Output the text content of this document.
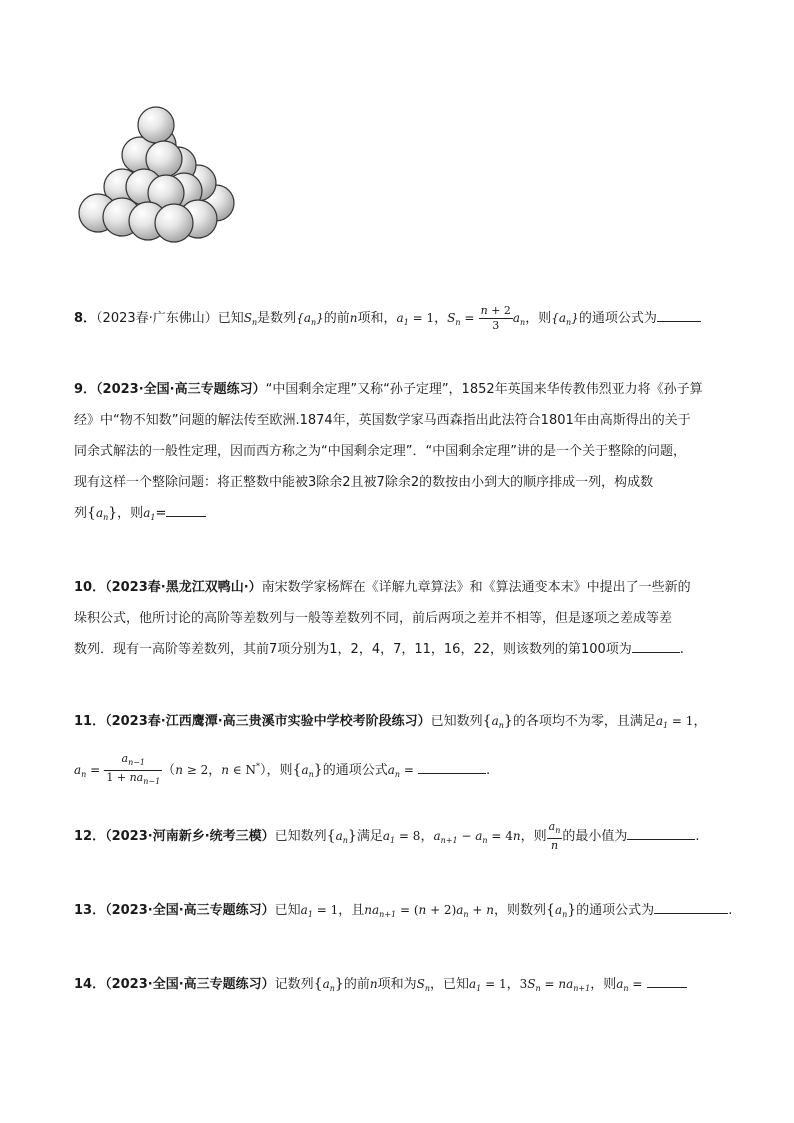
8．（2023春·广东佛山）已知$S_n$是数列$\{a_n\}$的前n项和，$a_1 = 1$，$S_n = \frac{n + 2}{3} a_n$，则$\{a_n\}$的通项公式为
9．（2023·全国·高三专题练习）“中国剩余定理”又称“孙子定理”，1852年英国来华传教伟烈亚力将《孙子算
经》中“物不知数”问题的解法传至欧洲.1874年，英国数学家马西森指出此法符合1801年由高斯得出的关于
同余式解法的一般性定理，因而西方称之为“中国剩余定理”．“中国剩余定理”讲的是一个关于整除的问题，
现有这样一个整除问题：将正整数中能被3除余2且被7除余2的数按由小到大的顺序排成一列，构成数
列$\{a_n\}$，则$a_1=$
10．（2023春·黑龙江双鸭山·）南宋数学家杨辉在《详解九章算法》和《算法通变本末》中提出了一些新的
垛积公式，他所讨论的高阶等差数列与一般等差数列不同，前后两项之差并不相等，但是逐项之差成等差
数列．现有一高阶等差数列，其前7项分别为1，2，4，7，11，16，22，则该数列的第100项为	.
11．（2023春·江西鹰潭·高三贵溪市实验中学校考阶段练习）已知数列$\{a_n\}$的各项均不为零，且满足$a_1 = 1$，
$a_n = \frac{a_{n-1}}{1 + na_{n-1}} (n \ge 2$，n ∈ N*），则$\{a_n\}$的通项公式$a_n$ =	.
12．（2023·河南新乡·统考三模）已知数列$\{a_n\}$满足$a_1 = 8$，$a_{n+1} - a_n = 4n$，则 $\frac{a_n}{n}$ 的最小值为	.
13．（2023·全国·高三专题练习）已知$a_1 = 1$，且$na_{n+1} = (n + 2)a_n + n$，则数列$\{a_n\}$的通项公式为	.
14．（2023·全国·高三专题练习）记数列$\{a_n\}$的前n项和为$S_n$，已知$a_1 = 1$，$3S_n = na_{n+1}$，则$a_n$ =
